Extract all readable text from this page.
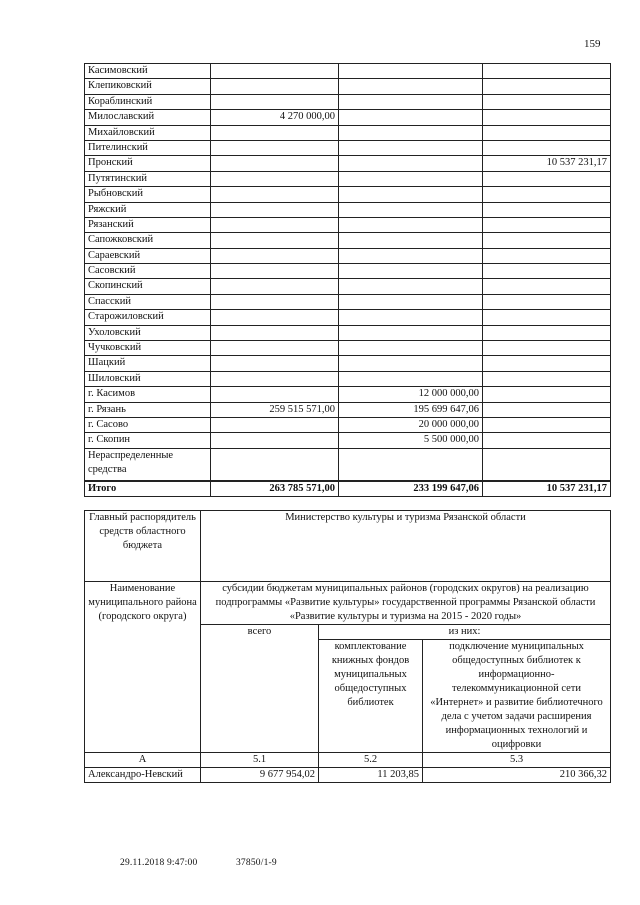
159
Касимовский			
Клепиковский			
Кораблинский			
Милославский	4 270 000,00		
Михайловский			
Пителинский			
Пронский			10 537 231,17
Путятинский			
Рыбновский			
Ряжский			
Рязанский			
Сапожковский			
Сараевский			
Сасовский			
Скопинский			
Спасский			
Старожиловский			
Ухоловский			
Чучковский			
Шацкий			
Шиловский			
г. Касимов		12 000 000,00	
г. Рязань	259 515 571,00	195 699 647,06	
г. Сасово		20 000 000,00	
г. Скопин		5 500 000,00	
Нераспределенные средства			
Итого	263 785 571,00	233 199 647,06	10 537 231,17
Главный распорядитель средств областного бюджета	Министерство культуры и туризма Рязанской области		
Наименование муниципального района (городского округа)	субсидии бюджетам муниципальных районов (городских округов) на реализацию подпрограммы «Развитие культуры» государственной программы Рязанской области «Развитие культуры и туризма на 2015 - 2020 годы»		
	всего	из них:	
		комплектование книжных фондов муниципальных общедоступных библиотек	подключение муниципальных общедоступных библиотек к информационно-телекоммуникационной сети «Интернет» и развитие библиотечного дела с учетом задачи расширения информационных технологий и оцифровки
А	5.1	5.2	5.3
Александро-Невский	9 677 954,02	11 203,85	210 366,32
29.11.2018 9:47:00	37850/1-9
